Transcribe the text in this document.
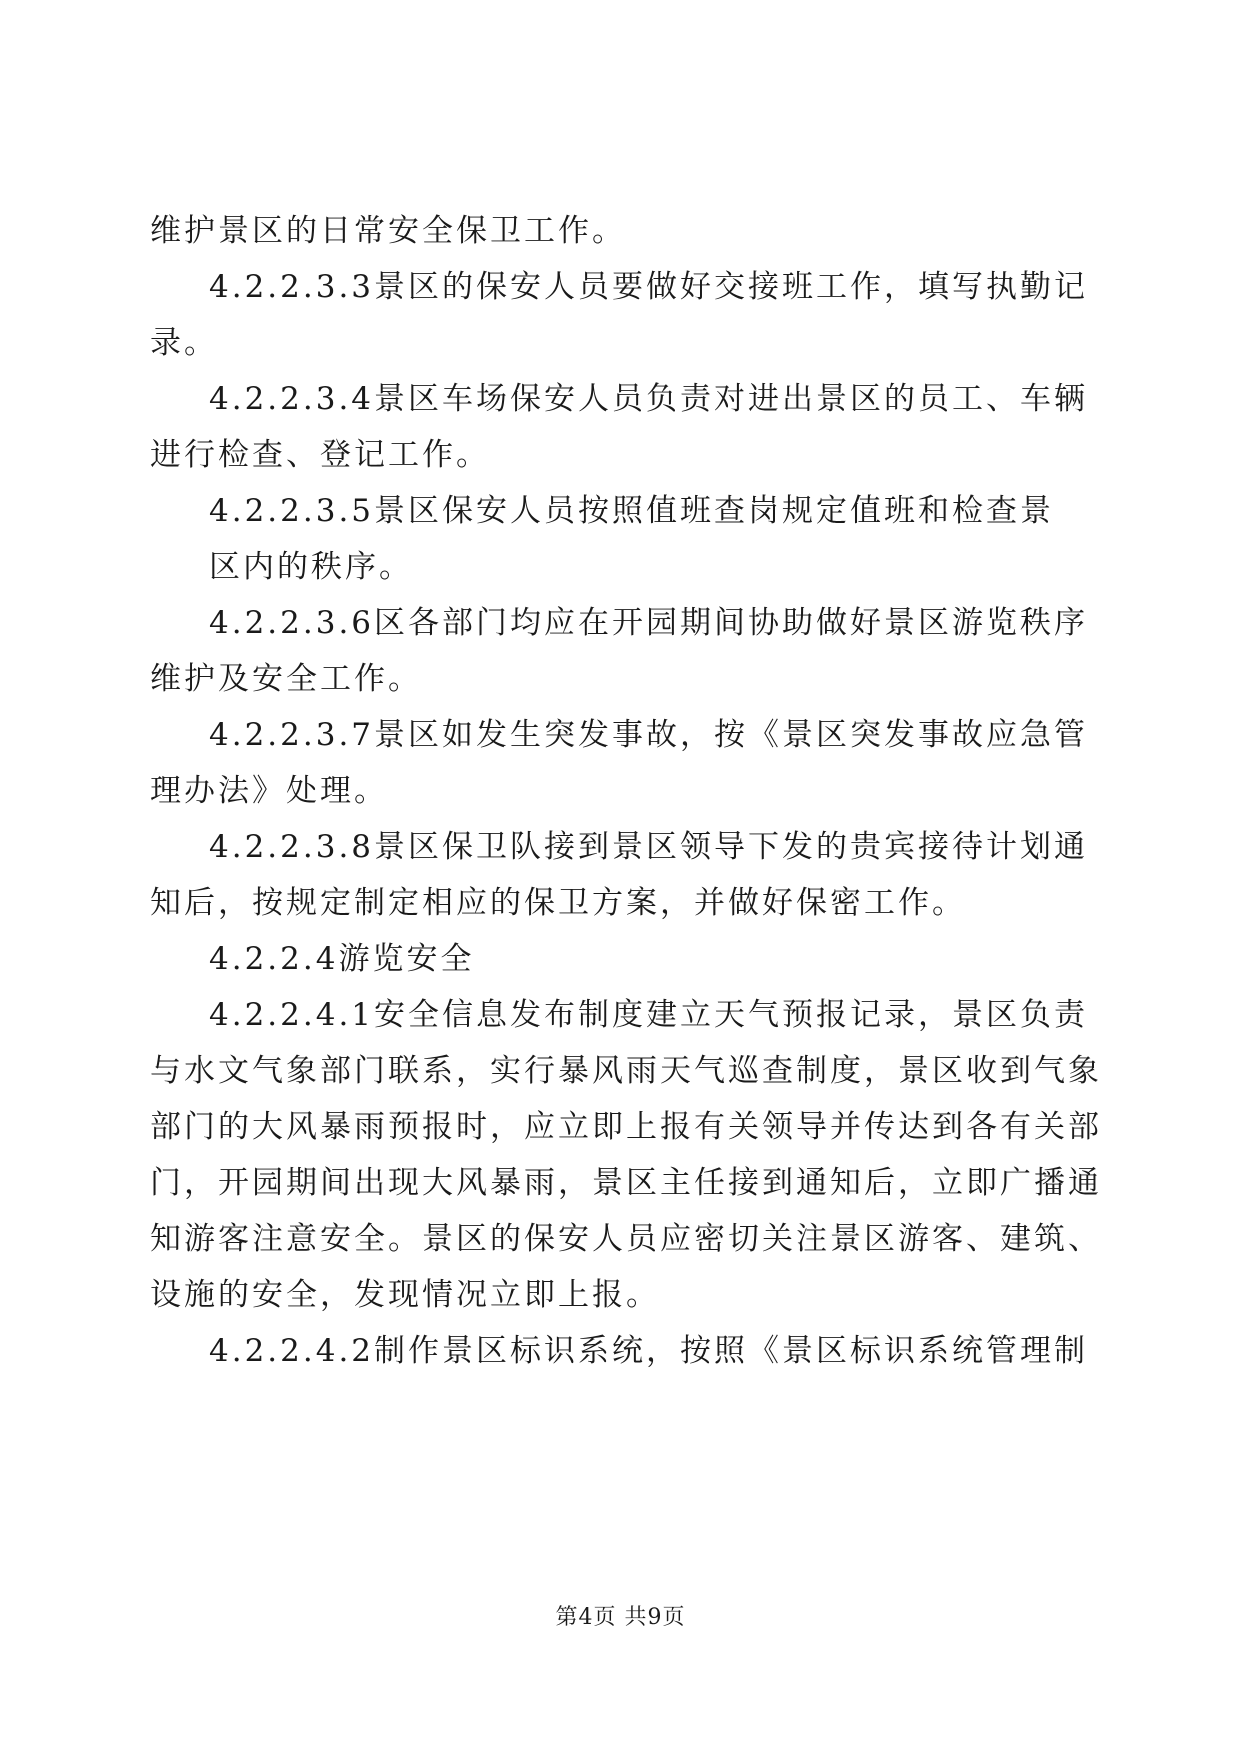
维护景区的日常安全保卫工作。
4.2.2.3.3景区的保安人员要做好交接班工作，填写执勤记
录。
4.2.2.3.4景区车场保安人员负责对进出景区的员工、车辆
进行检查、登记工作。
4.2.2.3.5景区保安人员按照值班查岗规定值班和检查景
区内的秩序。
4.2.2.3.6区各部门均应在开园期间协助做好景区游览秩序
维护及安全工作。
4.2.2.3.7景区如发生突发事故，按《景区突发事故应急管
理办法》处理。
4.2.2.3.8景区保卫队接到景区领导下发的贵宾接待计划通
知后，按规定制定相应的保卫方案，并做好保密工作。
4.2.2.4游览安全
4.2.2.4.1安全信息发布制度建立天气预报记录，景区负责
与水文气象部门联系，实行暴风雨天气巡查制度，景区收到气象
部门的大风暴雨预报时，应立即上报有关领导并传达到各有关部
门，开园期间出现大风暴雨，景区主任接到通知后，立即广播通
知游客注意安全。景区的保安人员应密切关注景区游客、建筑、
设施的安全，发现情况立即上报。
4.2.2.4.2制作景区标识系统，按照《景区标识系统管理制
第4页 共9页
